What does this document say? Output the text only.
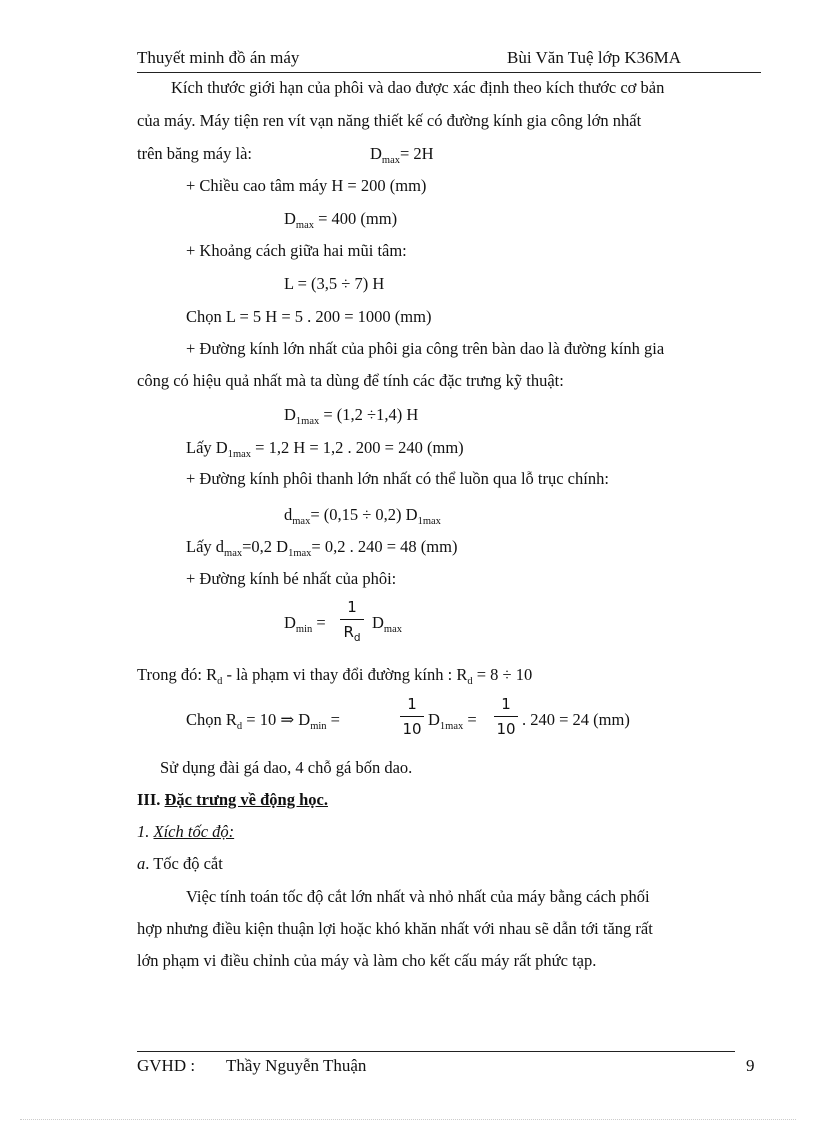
Thuyết minh đồ án máy	Bùi Văn Tuệ lớp K36MA
Kích thước giới hạn của phôi và dao được xác định theo kích thước cơ bản
của máy. Máy tiện ren vít vạn năng thiết kế có đường kính gia công lớn nhất
trên băng máy là:	$D_{max}= 2H$
+ Chiều cao tâm máy H = 200 (mm)
$D_{max} = 400$ (mm)
+ Khoảng cách giữa hai mũi tâm:
L = (3,5 ÷ 7) H
Chọn L = 5 H = 5 . 200 = 1000 (mm)
+ Đường kính lớn nhất của phôi gia công trên bàn dao là đường kính gia
công có hiệu quả nhất mà ta dùng để tính các đặc trưng kỹ thuật:
$D_{1max} = (1,2 \div 1,4)$ H
Lấy $D_{1max} = 1,2$ H = 1,2 . 200 = 240 (mm)
+ Đường kính phôi thanh lớn nhất có thể luồn qua lỗ trục chính:
$d_{max}= (0,15 \div 0,2)$ $D_{1max}$
Lấy $d_{max}=0,2$ $D_{1max}= 0,2$ . 240 = 48 (mm)
+ Đường kính bé nhất của phôi:
$D_{min}$ =
1
$R_d$
$D_{max}$
Trong đó: $R_d$ - là phạm vi thay đổi đường kính : $R_d = 8 \div 10$
Chọn $R_d = 10$ ⇒ $D_{min}$ =
1
10 $D_{1max}$ =
1
10 . 240 = 24 (mm)
Sử dụng đài gá dao, 4 chỗ gá bốn dao.
III. Đặc trưng về động học.
1. Xích tốc độ:
a. Tốc độ cắt
Việc tính toán tốc độ cắt lớn nhất và nhỏ nhất của máy bằng cách phối
hợp nhưng điều kiện thuận lợi hoặc khó khăn nhất với nhau sẽ dẫn tới tăng rất
lớn phạm vi điều chỉnh của máy và làm cho kết cấu máy rất phức tạp.
GVHD : Thầy Nguyễn Thuận	9
